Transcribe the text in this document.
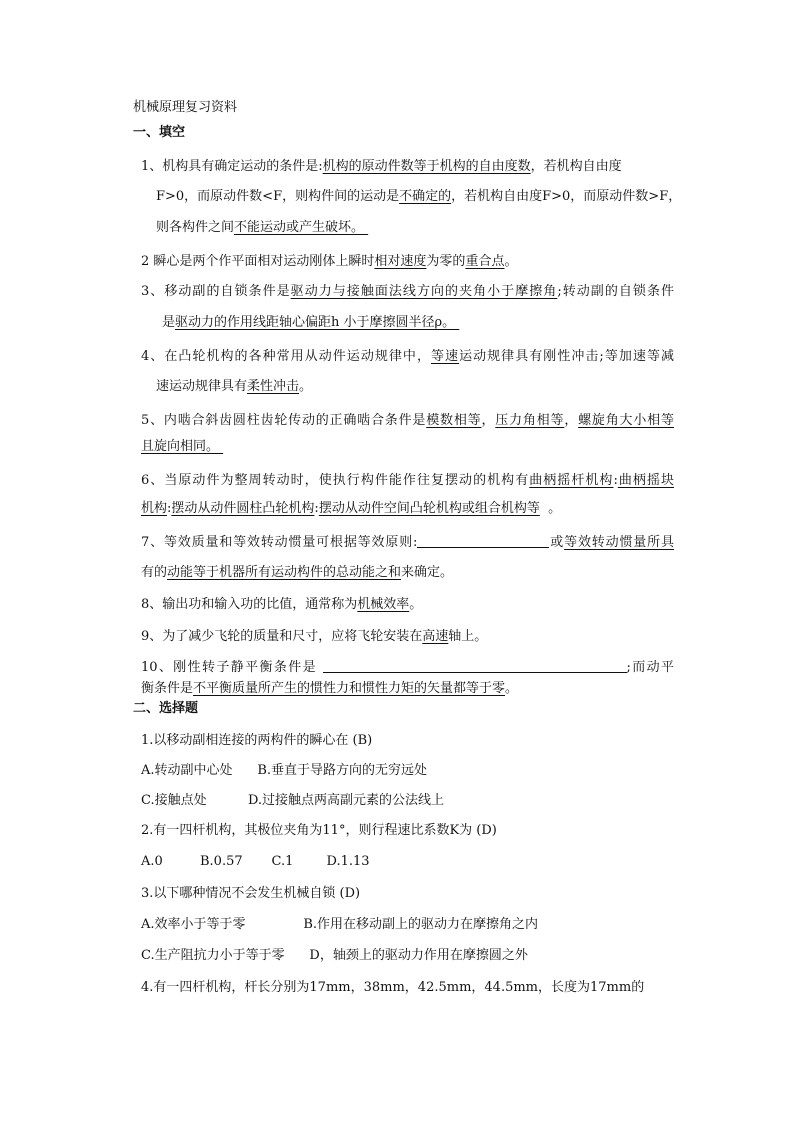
机械原理复习资料
一、填空
1、机构具有确定运动的条件是:机构的原动件数等于机构的自由度数，若机构自由度
F>0，而原动件数<F，则构件间的运动是不确定的，若机构自由度F>0，而原动件数>F，
则各构件之间不能运动或产生破坏。
2 瞬心是两个作平面相对运动刚体上瞬时相对速度为零的重合点。
3、移动副的自锁条件是驱动力与接触面法线方向的夹角小于摩擦角;转动副的自锁条件
是驱动力的作用线距轴心偏距h 小于摩擦圆半径ρ。
4、在凸轮机构的各种常用从动件运动规律中，等速运动规律具有刚性冲击;等加速等减
速运动规律具有柔性冲击。
5、内啮合斜齿圆柱齿轮传动的正确啮合条件是模数相等，压力角相等，螺旋角大小相等
且旋向相同。
6、当原动件为整周转动时，使执行构件能作往复摆动的机构有曲柄摇杆机构:曲柄摇块
机构:摆动从动件圆柱凸轮机构:摆动从动件空间凸轮机构或组合机构等  。
7、等效质量和等效转动惯量可根据等效原则:	或等效转动惯量所具
有的动能等于机器所有运动构件的总动能之和来确定。
8、输出功和输入功的比值，通常称为机械效率。
9、为了减少飞轮的质量和尺寸，应将飞轮安装在高速轴上。
10、刚性转子静平衡条件是	;而动平
衡条件是不平衡质量所产生的惯性力和惯性力矩的矢量都等于零。
二、选择题
1.以移动副相连接的两构件的瞬心在 (B)
A.转动副中心处      B.垂直于导路方向的无穷远处
C.接触点处          D.过接触点两高副元素的公法线上
2.有一四杆机构，其极位夹角为11°，则行程速比系数K为 (D)
A.0         B.0.57       C.1        D.1.13
3.以下哪种情况不会发生机械自锁 (D)
A.效率小于等于零              B.作用在移动副上的驱动力在摩擦角之内
C.生产阻抗力小于等于零      D，轴颈上的驱动力作用在摩擦圆之外
4.有一四杆机构，杆长分别为17mm，38mm，42.5mm，44.5mm，长度为17mm的
